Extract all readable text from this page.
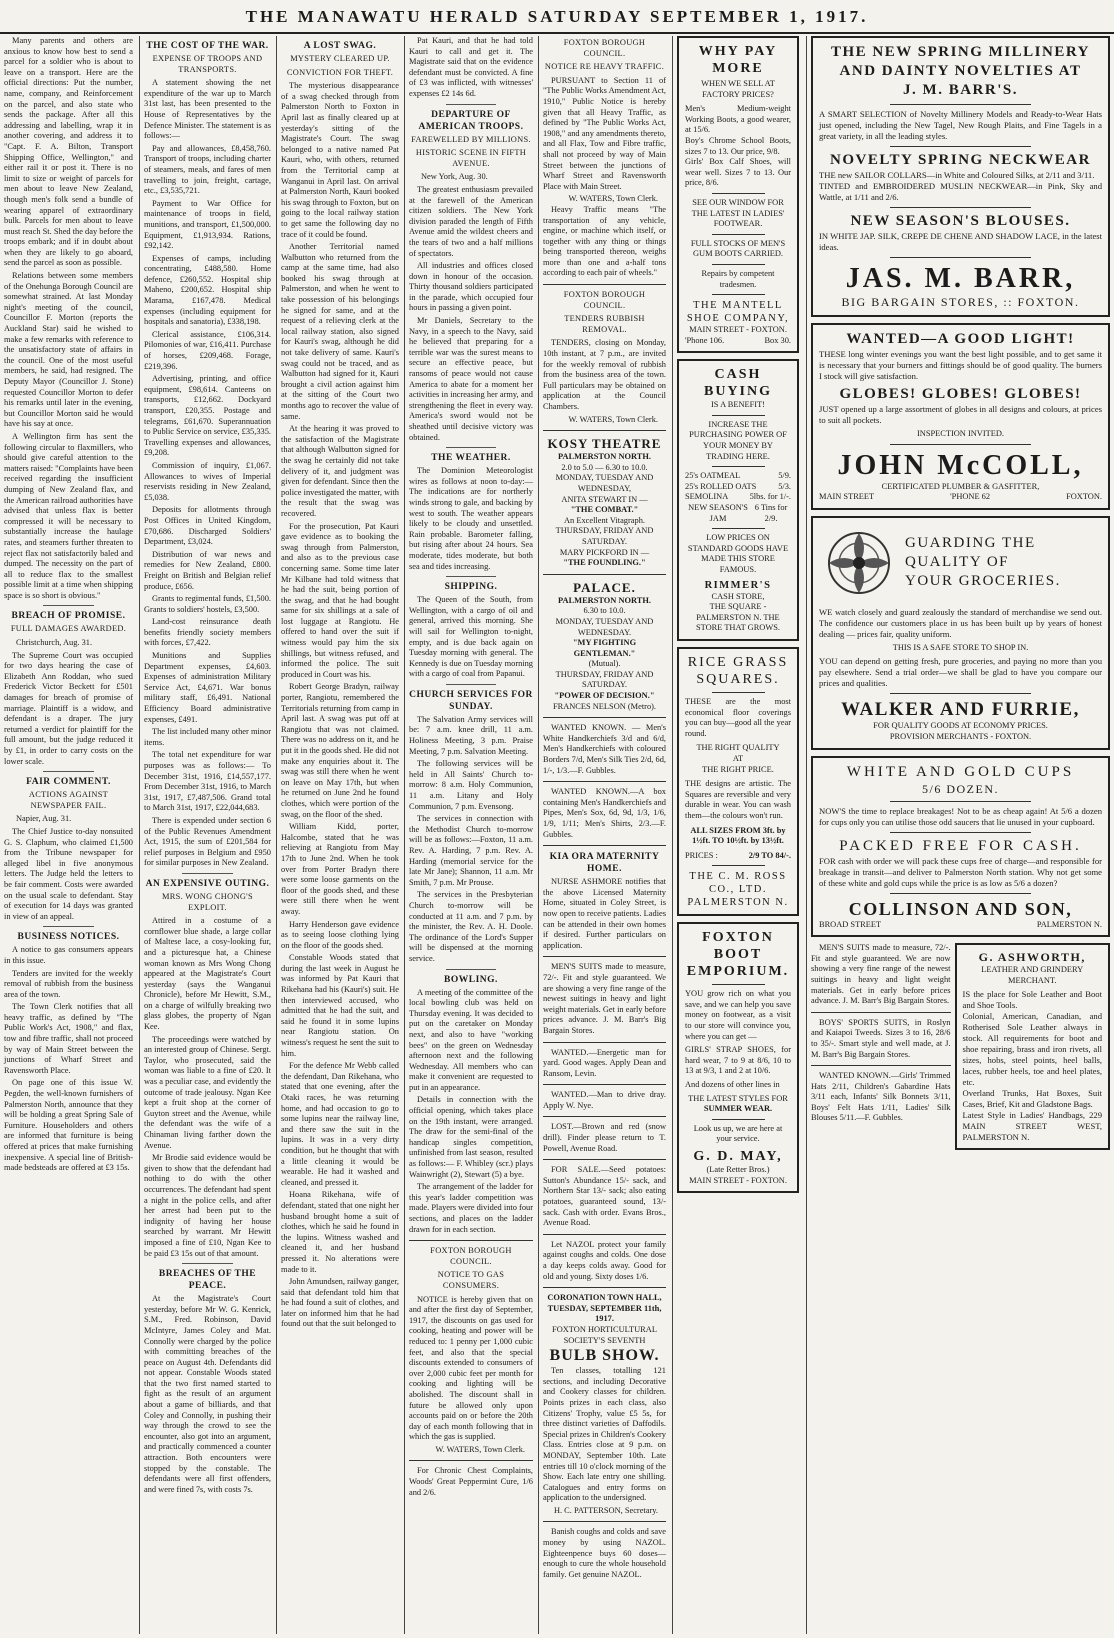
THE MANAWATU HERALD SATURDAY SEPTEMBER 1, 1917.

Many parents and others are anxious to know how best to send a parcel for a soldier who is about to leave on a transport. Here are the official directions: Put the number, name, company, and Reinforcement on the parcel, and also state who sends the package. After all this addressing and labelling, wrap it in another covering, and address it to "Capt. F. A. Bilton, Transport Shipping Office, Wellington," and either rail it or post it. There is no limit to size or weight of parcels for men about to leave New Zealand, though men's folk send a bundle of wearing apparel of extraordinary bulk. Parcels for men about to leave must reach St. Shed the day before the troops embark; and if in doubt about when they are likely to go aboard, send the parcel as soon as possible.

Relations between some members of the Onehunga Borough Council are somewhat strained. At last Monday night's meeting of the council, Councillor F. Morton (reports the Auckland Star) said he wished to make a few remarks with reference to the unsatisfactory state of affairs in the council. One of the most useful members, he said, had resigned. The Deputy Mayor (Councillor J. Stone) requested Councillor Morton to defer his remarks until later in the evening, but Councillor Morton said he would have his say at once.

A Wellington firm has sent the following circular to flaxmillers, who should give careful attention to the matters raised: "Complaints have been received regarding the insufficient dumping of New Zealand flax, and the American railroad authorities have advised that unless flax is better compressed it will be necessary to substantially increase the haulage rates, and steamers further threaten to reject flax not satisfactorily baled and dumped. The necessity on the part of all to reduce flax to the smallest possible limit at a time when shipping space is so short is obvious."

BREACH OF PROMISE.
FULL DAMAGES AWARDED.

Christchurch, Aug. 31.

The Supreme Court was occupied for two days hearing the case of Elizabeth Ann Roddan, who sued Frederick Victor Beckett for £501 damages for breach of promise of marriage. Plaintiff is a widow, and defendant is a draper. The jury returned a verdict for plaintiff for the full amount, but the judge reduced it by £1, in order to carry costs on the lower scale.

FAIR COMMENT.
ACTIONS AGAINST NEWSPAPER FAIL.

Napier, Aug. 31.

The Chief Justice to-day nonsuited G. S. Claphum, who claimed £1,500 from the Tribune newspaper for alleged libel in five anonymous letters. The Judge held the letters to be fair comment. Costs were awarded on the usual scale to defendant. Stay of execution for 14 days was granted in view of an appeal.

BUSINESS NOTICES.

A notice to gas consumers appears in this issue.

Tenders are invited for the weekly removal of rubbish from the business area of the town.

The Town Clerk notifies that all heavy traffic, as defined by "The Public Work's Act, 1908," and flax, tow and fibre traffic, shall not proceed by way of Main Street between the junctions of Wharf Street and Ravensworth Place.

On page one of this issue W. Pegden, the well-known furnishers of Palmerston North, announce that they will be holding a great Spring Sale of Furniture. Householders and others are informed that furniture is being offered at prices that make furnishing inexpensive. A special line of British-made bedsteads are offered at £3 15s.

THE COST OF THE WAR.
EXPENSE OF TROOPS AND TRANSPORTS.

A statement showing the net expenditure of the war up to March 31st last, has been presented to the House of Representatives by the Defence Minister. The statement is as follows:—

Pay and allowances, £8,458,760. Transport of troops, including charter of steamers, meals, and fares of men travelling to join, freight, cartage, etc., £3,535,721.

Payment to War Office for maintenance of troops in field, munitions, and transport, £1,500,000. Equipment, £1,913,934. Rations, £92,142.

Expenses of camps, including concentrating, £488,580. Home defence, £260,552. Hospital ship Maheno, £200,652. Hospital ship Marama, £167,478. Medical expenses (including equipment for hospitals and sanatoria), £338,198.

Clerical assistance, £106,314. Pilomonies of war, £16,411. Purchase of horses, £209,468. Forage, £219,396.

Advertising, printing, and office equipment, £98,614. Canteens on transports, £12,662. Dockyard transport, £20,355. Postage and telegrams, £61,670. Superannuation to Public Service on service, £35,335. Travelling expenses and allowances, £9,208.

Commission of inquiry, £1,067. Allowances to wives of Imperial reservists residing in New Zealand, £5,038.

Deposits for allotments through Post Offices in United Kingdom, £70,686. Discharged Soldiers' Department, £3,024.

Distribution of war news and remedies for New Zealand, £800. Freight on British and Belgian relief produce, £656.

Grants to regimental funds, £1,500. Grants to soldiers' hostels, £3,500.

Land-cost reinsurance death benefits friendly society members with forces, £7,422.

Munitions and Supplies Department expenses, £4,603. Expenses of administration Military Service Act, £4,671. War bonus military staff, £6,491. National Efficiency Board administrative expenses, £491.

The list included many other minor items.

The total net expenditure for war purposes was as follows:— To December 31st, 1916, £14,557,177. From December 31st, 1916, to March 31st, 1917, £7,487,506. Grand total to March 31st, 1917, £22,044,683.

There is expended under section 6 of the Public Revenues Amendment Act, 1915, the sum of £201,584 for relief purposes in Belgium and £950 for similar purposes in New Zealand.

AN EXPENSIVE OUTING.
MRS. WONG CHONG'S EXPLOIT.

Attired in a costume of a cornflower blue shade, a large collar of Maltese lace, a cosy-looking fur, and a picturesque hat, a Chinese woman known as Mrs Wong Chong appeared at the Magistrate's Court yesterday (says the Wanganui Chronicle), before Mr Hewitt, S.M., on a charge of wilfully breaking two glass globes, the property of Ngan Kee.

The proceedings were watched by an interested group of Chinese. Sergt. Taylor, who prosecuted, said the woman was liable to a fine of £20. It was a peculiar case, and evidently the outcome of trade jealousy. Ngan Kee kept a fruit shop at the corner of Guyton street and the Avenue, while the defendant was the wife of a Chinaman living farther down the Avenue.

Mr Brodie said evidence would be given to show that the defendant had nothing to do with the other occurrences. The defendant had spent a night in the police cells, and after her arrest had been put to the indignity of having her house searched by warrant. Mr Hewitt imposed a fine of £10, Ngan Kee to be paid £3 15s out of that amount.

BREACHES OF THE PEACE.

At the Magistrate's Court yesterday, before Mr W. G. Kenrick, S.M., Fred. Robinson, David McIntyre, James Coley and Mat. Connolly were charged by the police with committing breaches of the peace on August 4th. Defendants did not appear. Constable Woods stated that the two first named started to fight as the result of an argument about a game of billiards, and that Coley and Connolly, in pushing their way through the crowd to see the encounter, also got into an argument, and practically commenced a counter attraction. Both encounters were stopped by the constable. The defendants were all first offenders, and were fined 7s, with costs 7s.

A LOST SWAG.
MYSTERY CLEARED UP.
CONVICTION FOR THEFT.

The mysterious disappearance of a swag checked through from Palmerston North to Foxton in April last as finally cleared up at yesterday's sitting of the Magistrate's Court. The swag belonged to a native named Pat Kauri, who, with others, returned from the Territorial camp at Wanganui in April last. On arrival at Palmerston North, Kauri booked his swag through to Foxton, but on going to the local railway station to get same the following day no trace of it could be found.

Another Territorial named Walbutton who returned from the camp at the same time, had also booked his swag through at Palmerston, and when he went to take possession of his belongings he signed for same, and at the request of a relieving clerk at the local railway station, also signed for Kauri's swag, although he did not take delivery of same. Kauri's swag could not be traced, and as Walbutton had signed for it, Kauri brought a civil action against him at the sitting of the Court two months ago to recover the value of same.

At the hearing it was proved to the satisfaction of the Magistrate that although Walbutton signed for the swag he certainly did not take delivery of it, and judgment was given for defendant. Since then the police investigated the matter, with the result that the swag was recovered.

For the prosecution, Pat Kauri gave evidence as to booking the swag through from Palmerston, and also as to the previous case concerning same. Some time later Mr Kilbane had told witness that he had the suit, being portion of the swag, and that he had bought same for six shillings at a sale of lost luggage at Rangiotu. He offered to hand over the suit if witness would pay him the six shillings, but witness refused, and informed the police. The suit produced in Court was his.

Robert George Bradyn, railway porter, Rangiotu, remembered the Territorials returning from camp in April last. A swag was put off at Rangiotu that was not claimed. There was no address on it, and he put it in the goods shed. He did not make any enquiries about it. The swag was still there when he went on leave on May 17th, but when he returned on June 2nd he found clothes, which were portion of the swag, on the floor of the shed.

William Kidd, porter, Halcombe, stated that he was relieving at Rangiotu from May 17th to June 2nd. When he took over from Porter Bradyn there were some loose garments on the floor of the goods shed, and these were still there when he went away.

Harry Henderson gave evidence as to seeing loose clothing lying on the floor of the goods shed.

Constable Woods stated that during the last week in August he was informed by Pat Kauri that Rikehana had his (Kauri's) suit. He then interviewed accused, who admitted that he had the suit, and said he found it in some lupins near Rangiotu station. On witness's request he sent the suit to him.

For the defence Mr Webb called the defendant, Dan Rikehana, who stated that one evening, after the Otaki races, he was returning home, and had occasion to go to some lupins near the railway line, and there saw the suit in the lupins. It was in a very dirty condition, but he thought that with a little cleaning it would be wearable. He had it washed and cleaned, and pressed it.

Hoana Rikehana, wife of defendant, stated that one night her husband brought home a suit of clothes, which he said he found in the lupins. Witness washed and cleaned it, and her husband pressed it. No alterations were made to it.

John Amundsen, railway ganger, said that defendant told him that he had found a suit of clothes, and later on informed him that he had found out that the suit belonged to

Pat Kauri, and that he had told Kauri to call and get it. The Magistrate said that on the evidence defendant must be convicted. A fine of £3 was inflicted, with witnesses' expenses £2 14s 6d.

DEPARTURE OF AMERICAN TROOPS.
FAREWELLED BY MILLIONS.
HISTORIC SCENE IN FIFTH AVENUE.

New York, Aug. 30.

The greatest enthusiasm prevailed at the farewell of the American citizen soldiers. The New York division paraded the length of Fifth Avenue amid the wildest cheers and the tears of two and a half millions of spectators.

All industries and offices closed down in honour of the occasion. Thirty thousand soldiers participated in the parade, which occupied four hours in passing a given point.

Mr Daniels, Secretary to the Navy, in a speech to the Navy, said he believed that preparing for a terrible war was the surest means to secure an effective peace, but ransoms of peace would not cause America to abate for a moment her activities in increasing her army, and strengthening the fleet in every way. America's sword would not be sheathed until decisive victory was obtained.

THE WEATHER.

The Dominion Meteorologist wires as follows at noon to-day:— The indications are for northerly winds strong to gale, and backing by west to south. The weather appears likely to be cloudy and unsettled. Rain probable. Barometer falling, but rising after about 24 hours. Sea moderate, tides moderate, but both sea and tides increasing.

SHIPPING.

The Queen of the South, from Wellington, with a cargo of oil and general, arrived this morning. She will sail for Wellington to-night, empty, and is due back again on Tuesday morning with general. The Kennedy is due on Tuesday morning with a cargo of coal from Papanui.

CHURCH SERVICES FOR SUNDAY.

The Salvation Army services will be: 7 a.m. knee drill, 11 a.m. Holiness Meeting, 3 p.m. Praise Meeting, 7 p.m. Salvation Meeting.

The following services will be held in All Saints' Church to-morrow: 8 a.m. Holy Communion, 11 a.m. Litany and Holy Communion, 7 p.m. Evensong.

The services in connection with the Methodist Church to-morrow will be as follows:—Foxton, 11 a.m. Rev. A. Harding, 7 p.m. Rev. A. Harding (memorial service for the late Mr Jane); Shannon, 11 a.m. Mr Smith, 7 p.m. Mr Prouse.

The services in the Presbyterian Church to-morrow will be conducted at 11 a.m. and 7 p.m. by the minister, the Rev. A. H. Doole. The ordinance of the Lord's Supper will be dispensed at the morning service.

BOWLING.

A meeting of the committee of the local bowling club was held on Thursday evening. It was decided to put on the caretaker on Monday next, and also to have "working bees" on the green on Wednesday afternoon next and the following Wednesday. All members who can make it convenient are requested to put in an appearance.

Details in connection with the official opening, which takes place on the 19th instant, were arranged. The draw for the semi-final of the handicap singles competition, unfinished from last season, resulted as follows:— F. Whibley (scr.) plays Wainwright (2), Stewart (5) a bye.

The arrangement of the ladder for this year's ladder competition was made. Players were divided into four sections, and places on the ladder drawn for in each section.

FOXTON BOROUGH COUNCIL.
NOTICE TO GAS CONSUMERS.

NOTICE is hereby given that on and after the first day of September, 1917, the discounts on gas used for cooking, heating and power will be reduced to: 1 penny per 1,000 cubic feet, and also that the special discounts extended to consumers of over 2,000 cubic feet per month for cooking and lighting will be abolished. The discount shall in future be allowed only upon accounts paid on or before the 20th day of each month following that in which the gas is supplied.

W. WATERS, Town Clerk.

For Chronic Chest Complaints, Woods' Great Peppermint Cure, 1/6 and 2/6.

FOXTON BOROUGH COUNCIL.
NOTICE RE HEAVY TRAFFIC.

PURSUANT to Section 11 of "The Public Works Amendment Act, 1910," Public Notice is hereby given that all Heavy Traffic, as defined by "The Public Works Act, 1908," and any amendments thereto, and all Flax, Tow and Fibre traffic, shall not proceed by way of Main Street between the junctions of Wharf Street and Ravensworth Place with Main Street.

W. WATERS, Town Clerk.

Heavy Traffic means "The transportation of any vehicle, engine, or machine which itself, or together with any thing or things being transported thereon, weighs more than one and a-half tons according to each pair of wheels."

FOXTON BOROUGH COUNCIL.
TENDERS RUBBISH REMOVAL.

TENDERS, closing on Monday, 10th instant, at 7 p.m., are invited for the weekly removal of rubbish from the business area of the town. Full particulars may be obtained on application at the Council Chambers.

W. WATERS, Town Clerk.
KOSY THEATRE
PALMERSTON NORTH.
2.0 to 5.0 — 6.30 to 10.0.
MONDAY, TUESDAY AND WEDNESDAY,
ANITA STEWART IN —
"THE COMBAT."
An Excellent Vitagraph.
THURSDAY, FRIDAY AND SATURDAY.
MARY PICKFORD IN —
"THE FOUNDLING."
PALACE.
PALMERSTON NORTH.
6.30 to 10.0.
MONDAY, TUESDAY AND WEDNESDAY.
"MY FIGHTING GENTLEMAN."
(Mutual).
THURSDAY, FRIDAY AND SATURDAY.
"POWER OF DECISION."
FRANCES NELSON (Metro).

WANTED KNOWN. — Men's White Handkerchiefs 3/d and 6/d, Men's Handkerchiefs with coloured Borders 7/d, Men's Silk Ties 2/d, 6d, 1/-, 1/3.—F. Gubbles.

WANTED KNOWN.—A box containing Men's Handkerchiefs and Pipes, Men's Sox, 6d, 9d, 1/3, 1/6, 1/9, 1/11; Men's Shirts, 2/3.—F. Gubbles.

KIA ORA MATERNITY HOME.

NURSE ASHMORE notifies that the above Licensed Maternity Home, situated in Coley Street, is now open to receive patients. Ladies can be attended in their own homes if desired. Further particulars on application.

MEN'S SUITS made to measure, 72/-. Fit and style guaranteed. We are showing a very fine range of the newest suitings in heavy and light weight materials. Get in early before prices advance. J. M. Barr's Big Bargain Stores.

WANTED.—Energetic man for yard. Good wages. Apply Dean and Ransom, Levin.

WANTED.—Man to drive dray. Apply W. Nye.

LOST.—Brown and red (snow drill). Finder please return to T. Powell, Avenue Road.

FOR SALE.—Seed potatoes: Sutton's Abundance 15/- sack, and Northern Star 13/- sack; also eating potatoes, guaranteed sound, 13/- sack. Cash with order. Evans Bros., Avenue Road.

Let NAZOL protect your family against coughs and colds. One dose a day keeps colds away. Good for old and young. Sixty doses 1/6.

CORONATION TOWN HALL,
TUESDAY, SEPTEMBER 11th, 1917.
FOXTON HORTICULTURAL SOCIETY'S SEVENTH
BULB SHOW.

Ten classes, totalling 121 sections, and including Decorative and Cookery classes for children. Points prizes in each class, also Citizens' Trophy, value £5 5s, for three distinct varieties of Daffodils. Special prizes in Children's Cookery Class. Entries close at 9 p.m. on MONDAY, September 10th. Late entries till 10 o'clock morning of the Show. Each late entry one shilling. Catalogues and entry forms on application to the undersigned.

H. C. PATTERSON, Secretary.

Banish coughs and colds and save money by using NAZOL. Eighteenpence buys 60 doses—enough to cure the whole household family. Get genuine NAZOL.

WHY PAY
MORE
WHEN WE SELL AT FACTORY PRICES?
Men's Medium-weight Working Boots, a good wearer, at 15/6.
Boy's Chrome School Boots, sizes 7 to 13. Our price, 9/8.
Girls' Box Calf Shoes, will wear well. Sizes 7 to 13. Our price, 8/6.
SEE OUR WINDOW FOR THE LATEST IN LADIES' FOOTWEAR.
FULL STOCKS OF MEN'S GUM BOOTS CARRIED.
Repairs by competent tradesmen.
THE MANTELL SHOE COMPANY,
MAIN STREET - FOXTON.
'Phone 106.	Box 30.
CASH BUYING
IS A BENEFIT!
INCREASE THE PURCHASING POWER OF YOUR MONEY BY TRADING HERE.
25's OATMEAL	5/9.
25's ROLLED OATS	5/3.
SEMOLINA	5lbs. for 1/-.
NEW SEASON'S JAM
6 Tins for 2/9.
LOW PRICES ON STANDARD GOODS HAVE MADE THIS STORE FAMOUS.
RIMMER'S
CASH STORE,
THE SQUARE - PALMERSTON N. THE STORE THAT GROWS.
RICE GRASS
SQUARES.
THESE are the most economical floor coverings you can buy—good all the year round.
THE RIGHT QUALITY
AT
THE RIGHT PRICE.
THE designs are artistic. The Squares are reversible and very durable in wear. You can wash them—the colours won't run.
ALL SIZES FROM 3ft. by 1½ft. TO 10½ft. by 13½ft.
PRICES :	2/9 TO 84/-.
THE C. M. ROSS
CO., LTD.
PALMERSTON N.
FOXTON BOOT
EMPORIUM.
YOU grow rich on what you save, and we can help you save money on footwear, as a visit to our store will convince you, where you can get —
GIRLS' STRAP SHOES, for hard wear, 7 to 9 at 8/6, 10 to 13 at 9/3, 1 and 2 at 10/6.
And dozens of other lines in
THE LATEST STYLES FOR
SUMMER WEAR.
Look us up, we are here at your service.
G. D. MAY,
(Late Retter Bros.)
MAIN STREET - FOXTON.
THE NEW SPRING MILLINERY
AND DAINTY NOVELTIES AT
J. M. BARR'S.
A SMART SELECTION of Novelty Millinery Models and Ready-to-Wear Hats just opened, including the New Tagel, New Rough Plaits, and Fine Tagels in a great variety, in all the leading styles.
NOVELTY SPRING NECKWEAR
THE new SAILOR COLLARS—in White and Coloured Silks, at 2/11 and 3/11.
TINTED and EMBROIDERED MUSLIN NECKWEAR—in Pink, Sky and Wattle, at 1/11 and 2/6.
NEW SEASON'S BLOUSES.
IN WHITE JAP. SILK, CREPE DE CHENE AND SHADOW LACE, in the latest ideas.
JAS. M. BARR,
BIG BARGAIN STORES, :: FOXTON.
WANTED—A GOOD LIGHT!
THESE long winter evenings you want the best light possible, and to get same it is necessary that your burners and fittings should be of good quality. The burners I stock will give satisfaction.
GLOBES! GLOBES! GLOBES!
JUST opened up a large assortment of globes in all designs and colours, at prices to suit all pockets.
INSPECTION INVITED.
JOHN McCOLL,
CERTIFICATED PLUMBER & GASFITTER,
MAIN STREET	'PHONE 62	FOXTON.
GUARDING THE
QUALITY OF
YOUR GROCERIES.
WE watch closely and guard zealously the standard of merchandise we send out. The confidence our customers place in us has been built up by years of honest dealing — prices fair, quality uniform.
THIS IS A SAFE STORE TO SHOP IN.
YOU can depend on getting fresh, pure groceries, and paying no more than you pay elsewhere. Send a trial order—we shall be glad to have you compare our prices and qualities.
WALKER AND FURRIE,
FOR QUALITY GOODS AT ECONOMY PRICES.
PROVISION MERCHANTS - FOXTON.
WHITE AND GOLD CUPS
5/6 DOZEN.
NOW'S the time to replace breakages! Not to be as cheap again! At 5/6 a dozen for cups only you can utilise those odd saucers that lie unused in your cupboard.
PACKED FREE FOR CASH.
FOR cash with order we will pack these cups free of charge—and responsible for breakage in transit—and deliver to Palmerston North station. Why not get some of these white and gold cups while the price is as low as 5/6 a dozen?
COLLINSON AND SON,
BROAD STREET	PALMERSTON N.

MEN'S SUITS made to measure, 72/-. Fit and style guaranteed. We are now showing a very fine range of the newest suitings in heavy and light weight materials. Get in early before prices advance. J. M. Barr's Big Bargain Stores.

BOYS' SPORTS SUITS, in Roslyn and Kaiapoi Tweeds. Sizes 3 to 16, 28/6 to 35/-. Smart style and well made, at J. M. Barr's Big Bargain Stores.

WANTED KNOWN.—Girls' Trimmed Hats 2/11, Children's Gabardine Hats 3/11 each, Infants' Silk Bonnets 3/11, Boys' Felt Hats 1/11, Ladies' Silk Blouses 5/11.—F. Gubbles.

G. ASHWORTH,
LEATHER AND GRINDERY MERCHANT.
IS the place for Sole Leather and Boot and Shoe Tools.
Colonial, American, Canadian, and Rotherised Sole Leather always in stock. All requirements for boot and shoe repairing, brass and iron rivets, all sizes, hobs, steel points, heel balls, laces, rubber heels, toe and heel plates, etc.
Overland Trunks, Hat Boxes, Suit Cases, Brief, Kit and Gladstone Bags.
Latest Style in Ladies' Handbags, 229 MAIN STREET WEST, PALMERSTON N.
